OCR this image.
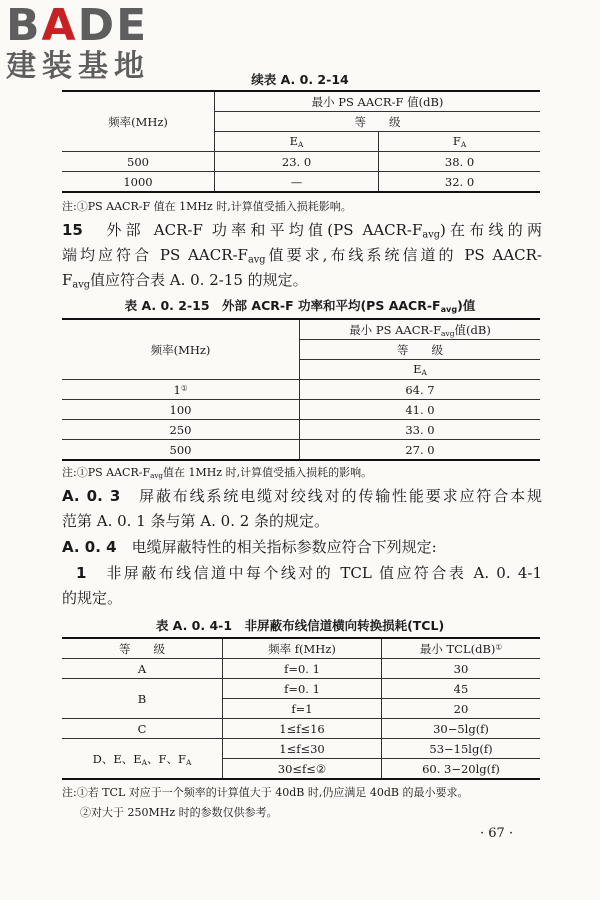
BADE
建装基地	续表 A. 0. 2-14
频率(MHz)	最小 PS AACR-F 值(dB)	
	等　　级	
	$E_A$	$F_A$
500	23. 0	38. 0
1000	—	32. 0
注:①PS AACR-F 值在 1MHz 时,计算值受插入损耗影响。
15　 外部 ACR-F 功率和平均值(PS AACR-$F_{avg}$)在布线的两
端均应符合 PS AACR-$F_{avg}$值要求,布线系统信道的 PS AACR-
$F_{avg}$值应符合表 A. 0. 2-15 的规定。
表 A. 0. 2-15　外部 ACR-F 功率和平均(PS AACR-$F_{avg}$)值
频率(MHz)	最小 PS AACR-$F_{avg}$值(dB)
	等　　级
	$E_A$
1①	64. 7
100	41. 0
250	33. 0
500	27. 0
注:①PS AACR-$F_{avg}$值在 1MHz 时,计算值受插入损耗的影响。
A. 0. 3　 屏蔽布线系统电缆对绞线对的传输性能要求应符合本规
范第 A. 0. 1 条与第 A. 0. 2 条的规定。
A. 0. 4　 电缆屏蔽特性的相关指标参数应符合下列规定:
1　 非屏蔽布线信道中每个线对的 TCL 值应符合表 A. 0. 4-1
的规定。
表 A. 0. 4-1　非屏蔽布线信道横向转换损耗(TCL)
等　　级	频率 f(MHz)	最小 TCL(dB)①
A	f=0. 1	30
B	f=0. 1	45
	f=1	20
C	1≤f≤16	30−5lg(f)
D、E、$E_A$、F、$F_A$	1≤f≤30	53−15lg(f)
	30≤f≤②	60. 3−20lg(f)
注:①若 TCL 对应于一个频率的计算值大于 40dB 时,仍应满足 40dB 的最小要求。
②对大于 250MHz 时的参数仅供参考。
· 67 ·
